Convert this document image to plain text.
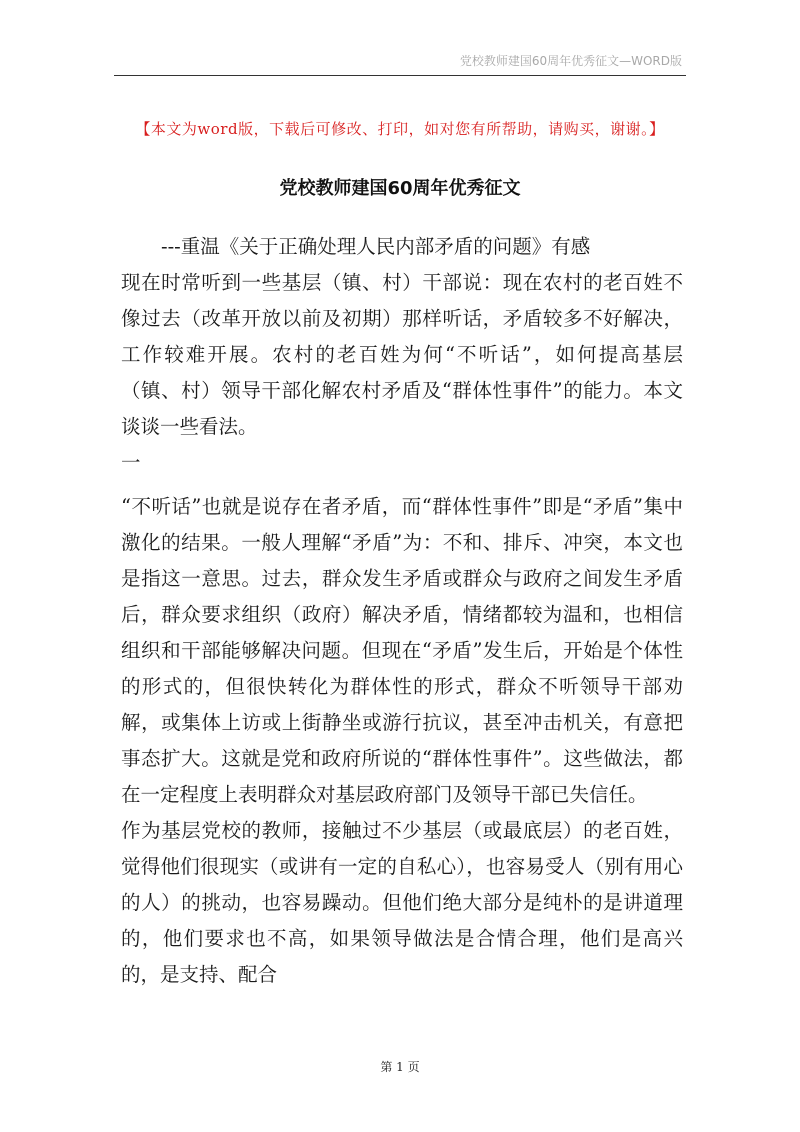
党校教师建国60周年优秀征文—WORD版
【本文为word版，下载后可修改、打印，如对您有所帮助，请购买，谢谢。】
党校教师建国60周年优秀征文

---重温《关于正确处理人民内部矛盾的问题》有感

现在时常听到一些基层（镇、村）干部说：现在农村的老百姓不像过去（改革开放以前及初期）那样听话，矛盾较多不好解决，工作较难开展。农村的老百姓为何“不听话”，如何提高基层（镇、村）领导干部化解农村矛盾及“群体性事件”的能力。本文谈谈一些看法。

一

“不听话”也就是说存在者矛盾，而“群体性事件”即是“矛盾”集中激化的结果。一般人理解“矛盾”为：不和、排斥、冲突，本文也是指这一意思。过去，群众发生矛盾或群众与政府之间发生矛盾后，群众要求组织（政府）解决矛盾，情绪都较为温和，也相信组织和干部能够解决问题。但现在“矛盾”发生后，开始是个体性的形式的，但很快转化为群体性的形式，群众不听领导干部劝解，或集体上访或上街静坐或游行抗议，甚至冲击机关，有意把事态扩大。这就是党和政府所说的“群体性事件”。这些做法，都在一定程度上表明群众对基层政府部门及领导干部已失信任。

作为基层党校的教师，接触过不少基层（或最底层）的老百姓，觉得他们很现实（或讲有一定的自私心），也容易受人（别有用心的人）的挑动，也容易躁动。但他们绝大部分是纯朴的是讲道理的，他们要求也不高，如果领导做法是合情合理，他们是高兴的，是支持、配合

第 1 页
